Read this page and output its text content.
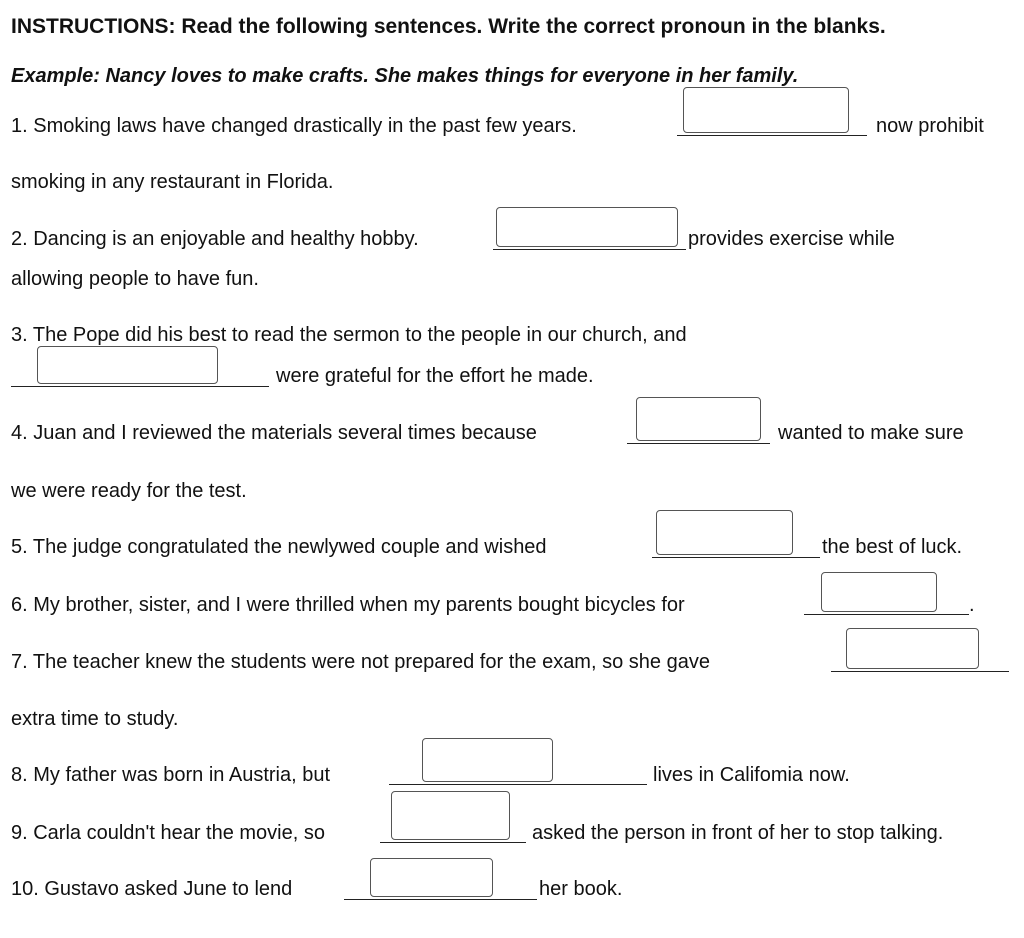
INSTRUCTIONS: Read the following sentences. Write the correct pronoun in the blanks.
Example: Nancy loves to make crafts. She makes things for everyone in her family.
1. Smoking laws have changed drastically in the past few years.	now prohibit
smoking in any restaurant in Florida.
2. Dancing is an enjoyable and healthy hobby.	provides exercise while
allowing people to have fun.
3. The Pope did his best to read the sermon to the people in our church, and
were grateful for the effort he made.
4. Juan and I reviewed the materials several times because	wanted to make sure
we were ready for the test.
5. The judge congratulated the newlywed couple and wished	the best of luck.
6. My brother, sister, and I were thrilled when my parents bought bicycles for	.
7. The teacher knew the students were not prepared for the exam, so she gave
extra time to study.
8. My father was born in Austria, but	lives in Califomia now.
9. Carla couldn't hear the movie, so	asked the person in front of her to stop talking.
10. Gustavo asked June to lend	her book.
